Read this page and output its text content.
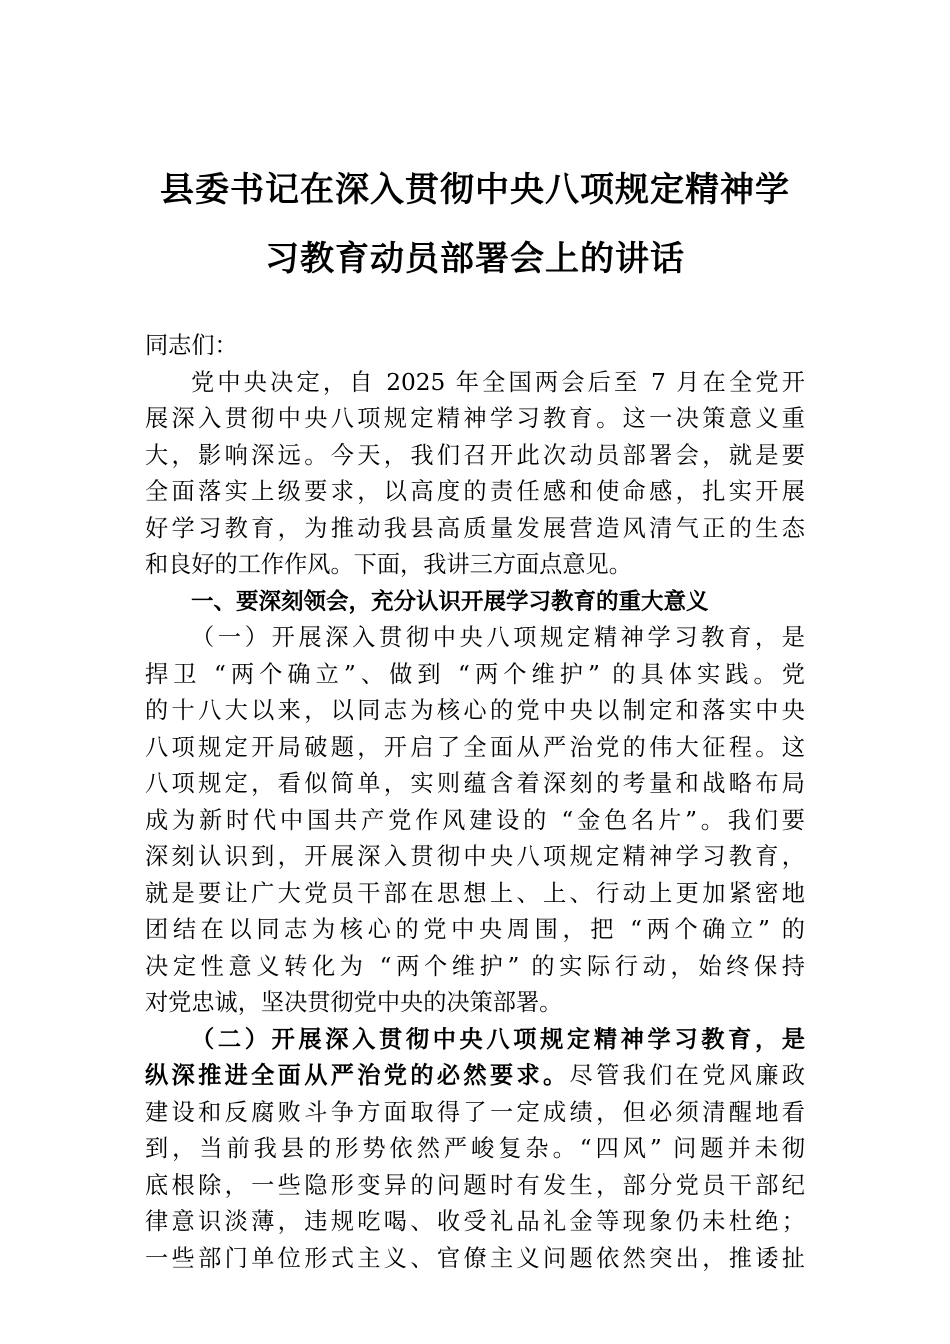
县委书记在深入贯彻中央八项规定精神学
习教育动员部署会上的讲话
同志们：
党中央决定，自 2025 年全国两会后至 7 月在全党开
展深入贯彻中央八项规定精神学习教育。这一决策意义重
大，影响深远。今天，我们召开此次动员部署会，就是要
全面落实上级要求，以高度的责任感和使命感，扎实开展
好学习教育，为推动我县高质量发展营造风清气正的生态
和良好的工作作风。下面，我讲三方面点意见。
一、要深刻领会，充分认识开展学习教育的重大意义
（一）开展深入贯彻中央八项规定精神学习教育，是
捍卫 “两个确立”、做到 “两个维护” 的具体实践。党
的十八大以来，以同志为核心的党中央以制定和落实中央
八项规定开局破题，开启了全面从严治党的伟大征程。这
八项规定，看似简单，实则蕴含着深刻的考量和战略布局
成为新时代中国共产党作风建设的 “金色名片”。我们要
深刻认识到，开展深入贯彻中央八项规定精神学习教育，
就是要让广大党员干部在思想上、上、行动上更加紧密地
团结在以同志为核心的党中央周围，把 “两个确立” 的
决定性意义转化为 “两个维护” 的实际行动，始终保持
对党忠诚，坚决贯彻党中央的决策部署。
（二）开展深入贯彻中央八项规定精神学习教育，是
纵深推进全面从严治党的必然要求。尽管我们在党风廉政
建设和反腐败斗争方面取得了一定成绩，但必须清醒地看
到，当前我县的形势依然严峻复杂。“四风” 问题并未彻
底根除，一些隐形变异的问题时有发生，部分党员干部纪
律意识淡薄，违规吃喝、收受礼品礼金等现象仍未杜绝；
一些部门单位形式主义、官僚主义问题依然突出，推诿扯
